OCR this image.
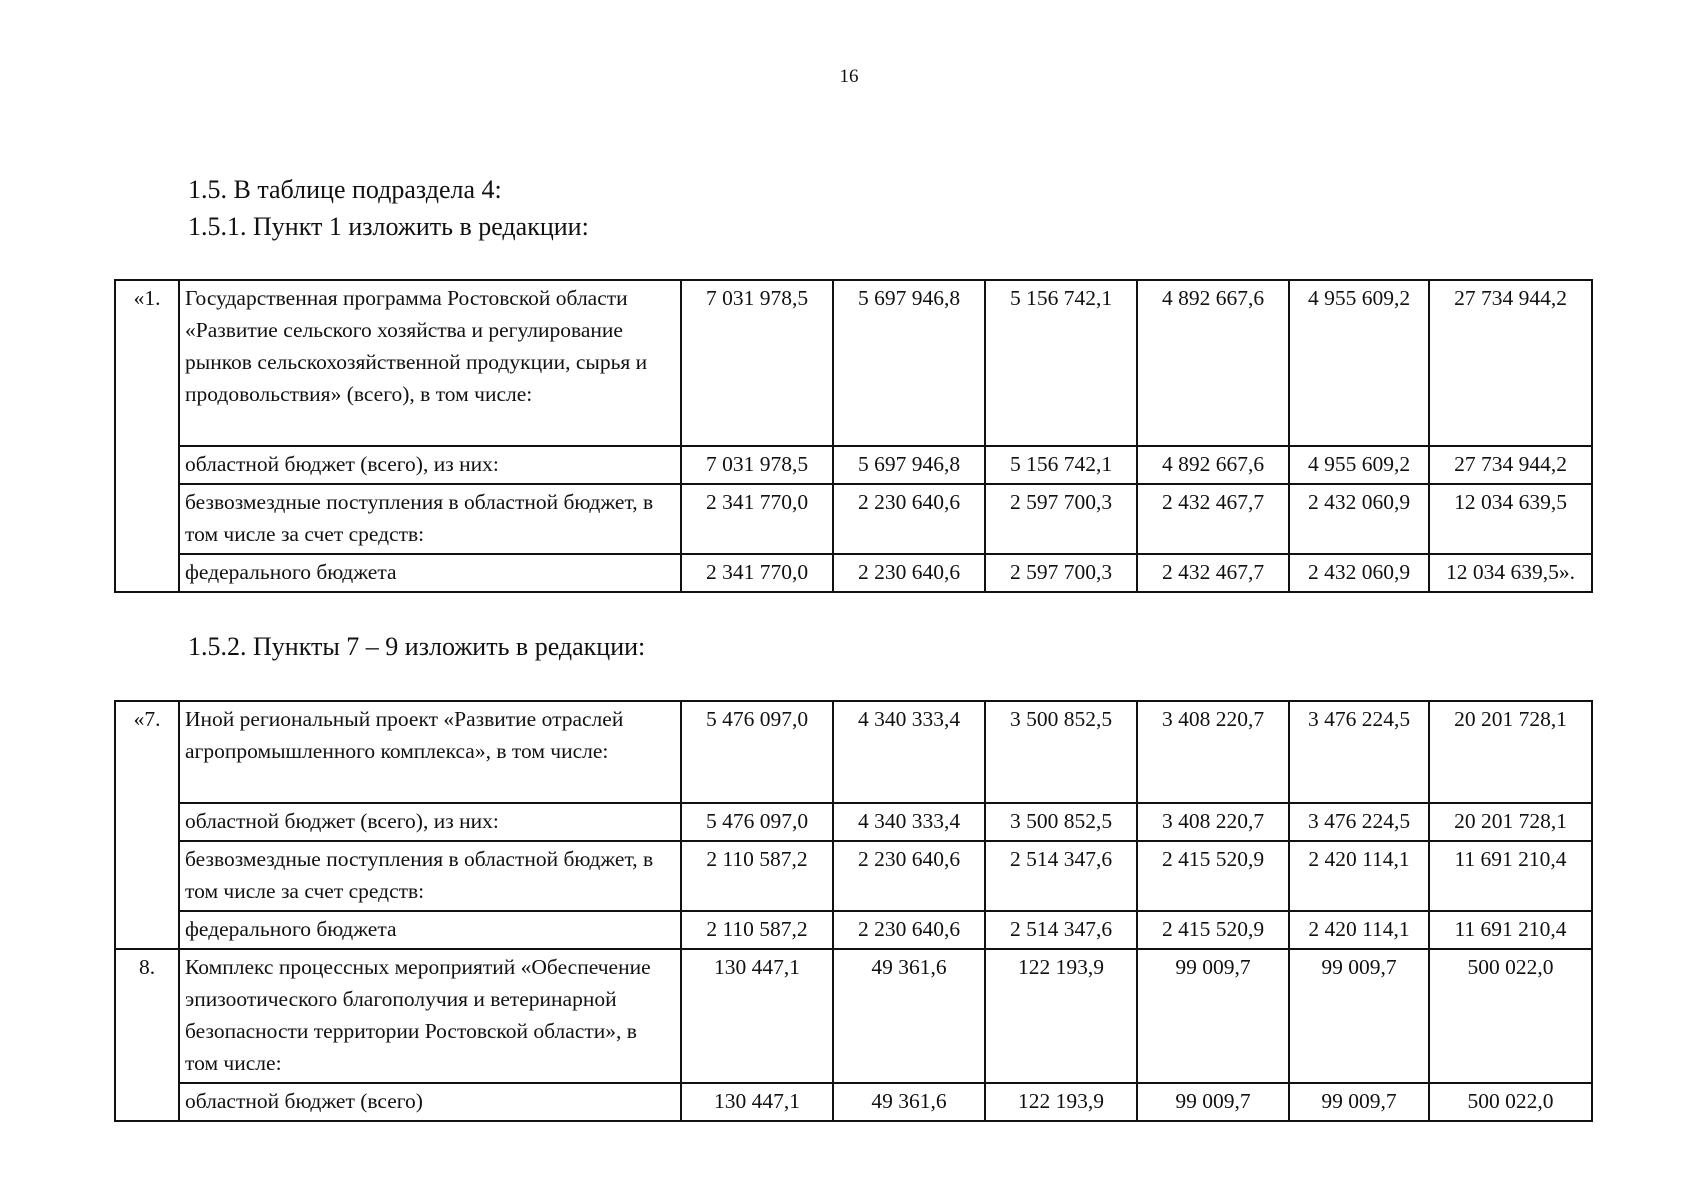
16
1.5. В таблице подраздела 4:
1.5.1. Пункт 1 изложить в редакции:
«1.	Государственная программа Ростовской области «Развитие сельского хозяйства и регулирование рынков сельскохозяйственной продукции, сырья и продовольствия» (всего), в том числе:	7 031 978,5	5 697 946,8	5 156 742,1	4 892 667,6	4 955 609,2	27 734 944,2
	областной бюджет (всего), из них:	7 031 978,5	5 697 946,8	5 156 742,1	4 892 667,6	4 955 609,2	27 734 944,2
	безвозмездные поступления в областной бюджет, в том числе за счет средств:	2 341 770,0	2 230 640,6	2 597 700,3	2 432 467,7	2 432 060,9	12 034 639,5
	федерального бюджета	2 341 770,0	2 230 640,6	2 597 700,3	2 432 467,7	2 432 060,9	12 034 639,5».
1.5.2. Пункты 7 – 9 изложить в редакции:
«7.	Иной региональный проект «Развитие отраслей агропромышленного комплекса», в том числе:	5 476 097,0	4 340 333,4	3 500 852,5	3 408 220,7	3 476 224,5	20 201 728,1
	областной бюджет (всего), из них:	5 476 097,0	4 340 333,4	3 500 852,5	3 408 220,7	3 476 224,5	20 201 728,1
	безвозмездные поступления в областной бюджет, в том числе за счет средств:	2 110 587,2	2 230 640,6	2 514 347,6	2 415 520,9	2 420 114,1	11 691 210,4
	федерального бюджета	2 110 587,2	2 230 640,6	2 514 347,6	2 415 520,9	2 420 114,1	11 691 210,4
8.	Комплекс процессных мероприятий «Обеспечение эпизоотического благополучия и ветеринарной безопасности территории Ростовской области», в том числе:	130 447,1	49 361,6	122 193,9	99 009,7	99 009,7	500 022,0
	областной бюджет (всего)	130 447,1	49 361,6	122 193,9	99 009,7	99 009,7	500 022,0
